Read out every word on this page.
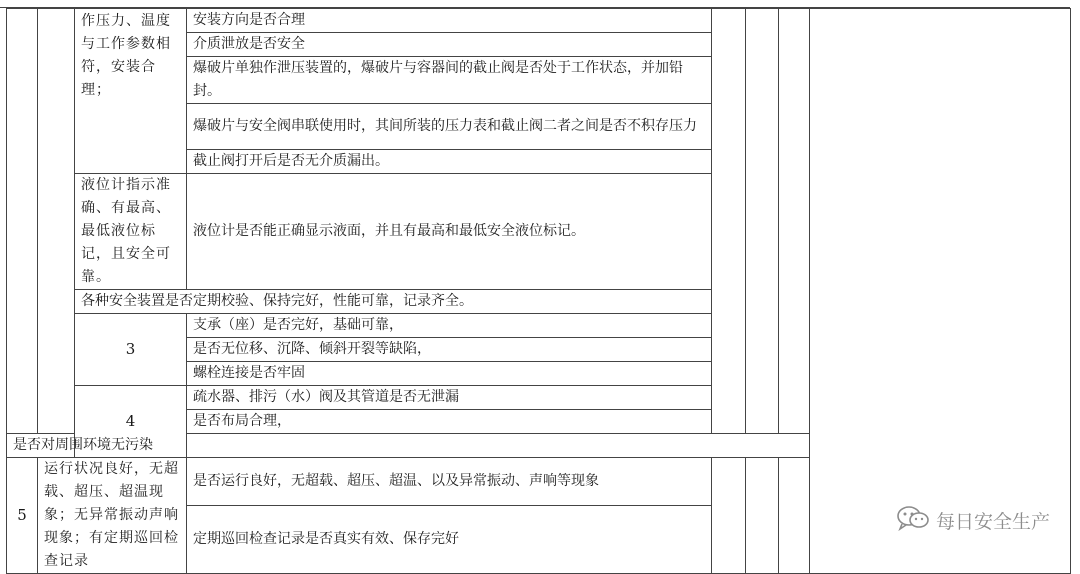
		作压力、温度与工作参数相符，安装合理；	安装方向是否合理					
			介质泄放是否安全					
			爆破片单独作泄压装置的，爆破片与容器间的截止阀是否处于工作状态，并加铅封。					
			爆破片与安全阀串联使用时，其间所装的压力表和截止阀二者之间是否不积存压力					
			截止阀打开后是否无介质漏出。					
		液位计指示准确、有最高、最低液位标记，且安全可靠。	液位计是否能正确显示液面，并且有最高和最低安全液位标记。					
		各种安全装置是否定期校验、保持完好，性能可靠，记录齐全。						
		3	支承（座）是否完好，基础可靠，					
			是否无位移、沉降、倾斜开裂等缺陷，					
			螺栓连接是否牢固					
		4	疏水器、排污（水）阀及其管道是否无泄漏					
			是否布局合理，					
是否对周围环境无污染								
5	运行状况良好，无超载、超压、超温现象；无异常振动声响现象；有定期巡回检查记录		是否运行良好，无超载、超压、超温、以及异常振动、声响等现象					
			定期巡回检查记录是否真实有效、保存完好					
每日安全生产
